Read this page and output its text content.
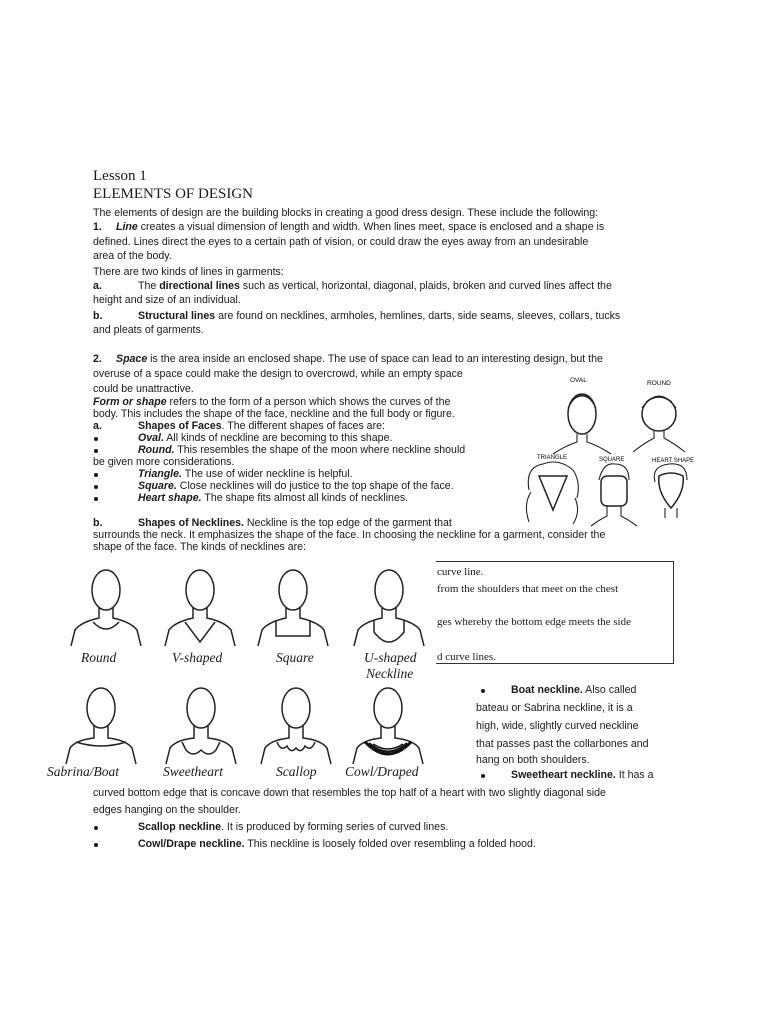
Lesson 1
ELEMENTS OF DESIGN
The elements of design are the building blocks in creating a good dress design. These include the following:
1. Line creates a visual dimension of length and width. When lines meet, space is enclosed and a shape is
defined. Lines direct the eyes to a certain path of vision, or could draw the eyes away from an undesirable
area of the body.
There are two kinds of lines in garments:
a.	The directional lines such as vertical, horizontal, diagonal, plaids, broken and curved lines affect the
height and size of an individual.
b.	Structural lines are found on necklines, armholes, hemlines, darts, side seams, sleeves, collars, tucks
and pleats of garments.
2. Space is the area inside an enclosed shape. The use of space can lead to an interesting design, but the
overuse of a space could make the design to overcrowd, while an empty space
could be unattractive.
Form or shape refers to the form of a person which shows the curves of the
body. This includes the shape of the face, neckline and the full body or figure.
a.	Shapes of Faces. The different shapes of faces are:
Oval. All kinds of neckline are becoming to this shape.
Round. This resembles the shape of the moon where neckline should
be given more considerations.
Triangle. The use of wider neckline is helpful.
Square. Close necklines will do justice to the top shape of the face.
Heart shape. The shape fits almost all kinds of necklines.
b.	Shapes of Necklines. Neckline is the top edge of the garment that
surrounds the neck. It emphasizes the shape of the face. In choosing the neckline for a garment, consider the
shape of the face. The kinds of necklines are:
OVAL	ROUND
TRIANGLE	SQUARE	HEART SHAPE
curve line.
from the shoulders that meet on the chest
ges whereby the bottom edge meets the side
d curve lines.
Round	V-shaped	Square	U-shaped
Neckline
Sabrina/Boat	Sweetheart	Scallop Cowl/Draped
Boat neckline. Also called
bateau or Sabrina neckline, it is a
high, wide, slightly curved neckline
that passes past the collarbones and
hang on both shoulders.
Sweetheart neckline. It has a
curved bottom edge that is concave down that resembles the top half of a heart with two slightly diagonal side
edges hanging on the shoulder.
Scallop neckline. It is produced by forming series of curved lines.
Cowl/Drape neckline. This neckline is loosely folded over resembling a folded hood.
